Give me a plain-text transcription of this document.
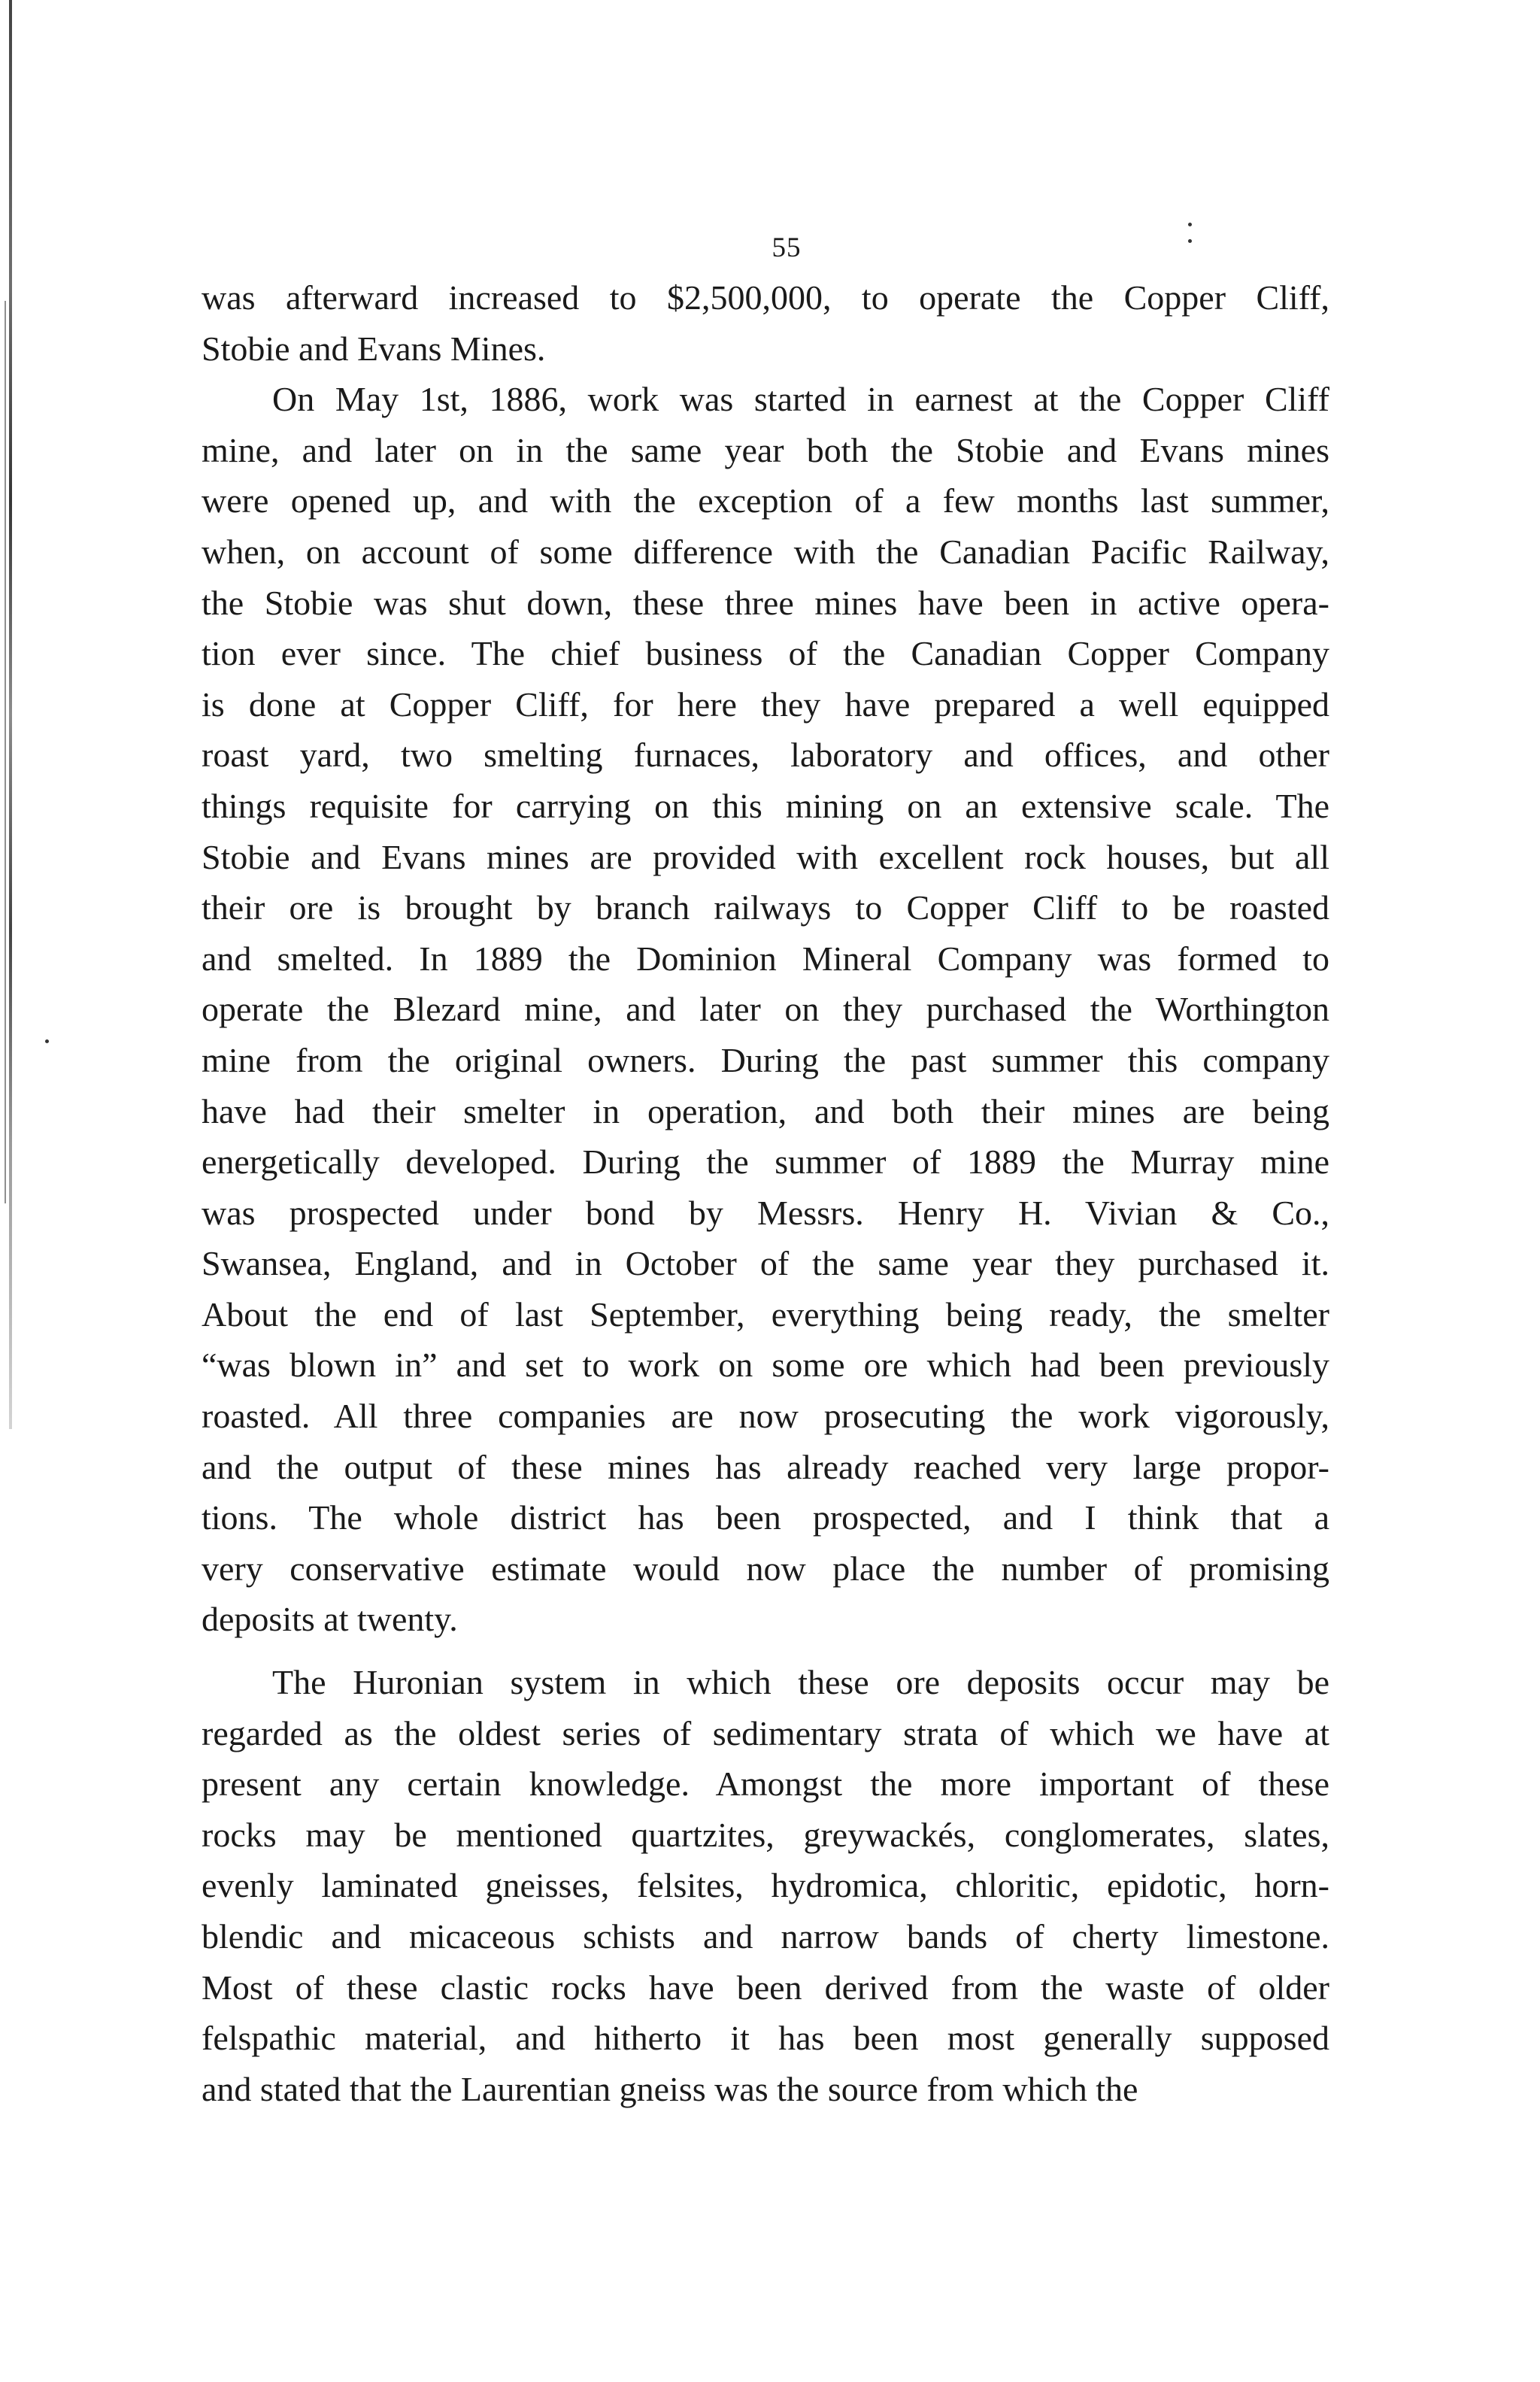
55
was afterward increased to $2,500,000, to operate the Copper Cliff,
Stobie and Evans Mines.
On May 1st, 1886, work was started in earnest at the Copper Cliff
mine, and later on in the same year both the Stobie and Evans mines
were opened up, and with the exception of a few months last summer,
when, on account of some difference with the Canadian Pacific Railway,
the Stobie was shut down, these three mines have been in active opera-
tion ever since. The chief business of the Canadian Copper Company
is done at Copper Cliff, for here they have prepared a well equipped
roast yard, two smelting furnaces, laboratory and offices, and other
things requisite for carrying on this mining on an extensive scale. The
Stobie and Evans mines are provided with excellent rock houses, but all
their ore is brought by branch railways to Copper Cliff to be roasted
and smelted. In 1889 the Dominion Mineral Company was formed to
operate the Blezard mine, and later on they purchased the Worthington
mine from the original owners. During the past summer this company
have had their smelter in operation, and both their mines are being
energetically developed. During the summer of 1889 the Murray mine
was prospected under bond by Messrs. Henry H. Vivian & Co.,
Swansea, England, and in October of the same year they purchased it.
About the end of last September, everything being ready, the smelter
“was blown in” and set to work on some ore which had been previously
roasted. All three companies are now prosecuting the work vigorously,
and the output of these mines has already reached very large propor-
tions. The whole district has been prospected, and I think that a
very conservative estimate would now place the number of promising
deposits at twenty.
The Huronian system in which these ore deposits occur may be
regarded as the oldest series of sedimentary strata of which we have at
present any certain knowledge. Amongst the more important of these
rocks may be mentioned quartzites, greywackés, conglomerates, slates,
evenly laminated gneisses, felsites, hydromica, chloritic, epidotic, horn-
blendic and micaceous schists and narrow bands of cherty limestone.
Most of these clastic rocks have been derived from the waste of older
felspathic material, and hitherto it has been most generally supposed
and stated that the Laurentian gneiss was the source from which the
